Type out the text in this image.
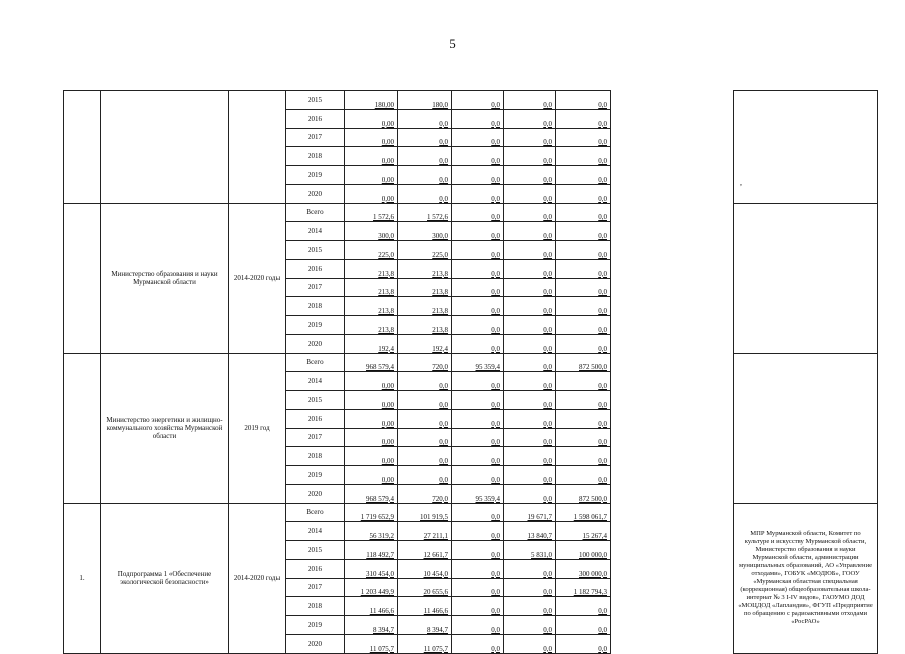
5
			2015	180,00	180,0	0,0	0,0	0,0		
			2016	0,00	0,0	0,0	0,0	0,0		
			2017	0,00	0,0	0,0	0,0	0,0		
			2018	0,00	0,0	0,0	0,0	0,0		
			2019	0,00	0,0	0,0	0,0	0,0		
			2020	0,00	0,0	0,0	0,0	0,0		
	Министерство образования и науки Мурманской области	2014-2020 годы	Всего	1 572,6	1 572,6	0,0	0,0	0,0		
			2014	300,0	300,0	0,0	0,0	0,0		
			2015	225,0	225,0	0,0	0,0	0,0		
			2016	213,8	213,8	0,0	0,0	0,0		
			2017	213,8	213,8	0,0	0,0	0,0		
			2018	213,8	213,8	0,0	0,0	0,0		
			2019	213,8	213,8	0,0	0,0	0,0		
			2020	192,4	192,4	0,0	0,0	0,0		
	Министерство энергетики и жилищно-коммунального хозяйства Мурманской области	2019 год	Всего	968 579,4	720,0	95 359,4	0,0	872 500,0		
			2014	0,00	0,0	0,0	0,0	0,0		
			2015	0,00	0,0	0,0	0,0	0,0		
			2016	0,00	0,0	0,0	0,0	0,0		
			2017	0,00	0,0	0,0	0,0	0,0		
			2018	0,00	0,0	0,0	0,0	0,0		
			2019	0,00	0,0	0,0	0,0	0,0		
			2020	968 579,4	720,0	95 359,4	0,0	872 500,0		
1.	Подпрограмма 1 «Обеспечение экологической безопасности»	2014-2020 годы	Всего	1 719 652,9	101 919,5	0,0	19 671,7	1 598 061,7		МПР Мурманской области, Комитет по культуре и искусству Мурманской области, Министерство образования и науки Мурманской области, администрации муниципальных образований, АО «Управление отходами», ГОБУК «МОДЮБ», ГООУ «Мурманская областная специальная (коррекционная) общеобразовательная школа-интернат № 3 I-IV видов», ГАОУМО ДОД «МОЦДОД «Лапландия», ФГУП «Предприятие по обращению с радиоактивными отходами «РосРАО»
			2014	56 319,2	27 211,1	0,0	13 840,7	15 267,4		
			2015	118 492,7	12 661,7	0,0	5 831,0	100 000,0		
			2016	310 454,0	10 454,0	0,0	0,0	300 000,0		
			2017	1 203 449,9	20 655,6	0,0	0,0	1 182 794,3		
			2018	11 466,6	11 466,6	0,0	0,0	0,0		
			2019	8 394,7	8 394,7	0,0	0,0	0,0		
			2020	11 075,7	11 075,7	0,0	0,0	0,0		
,
